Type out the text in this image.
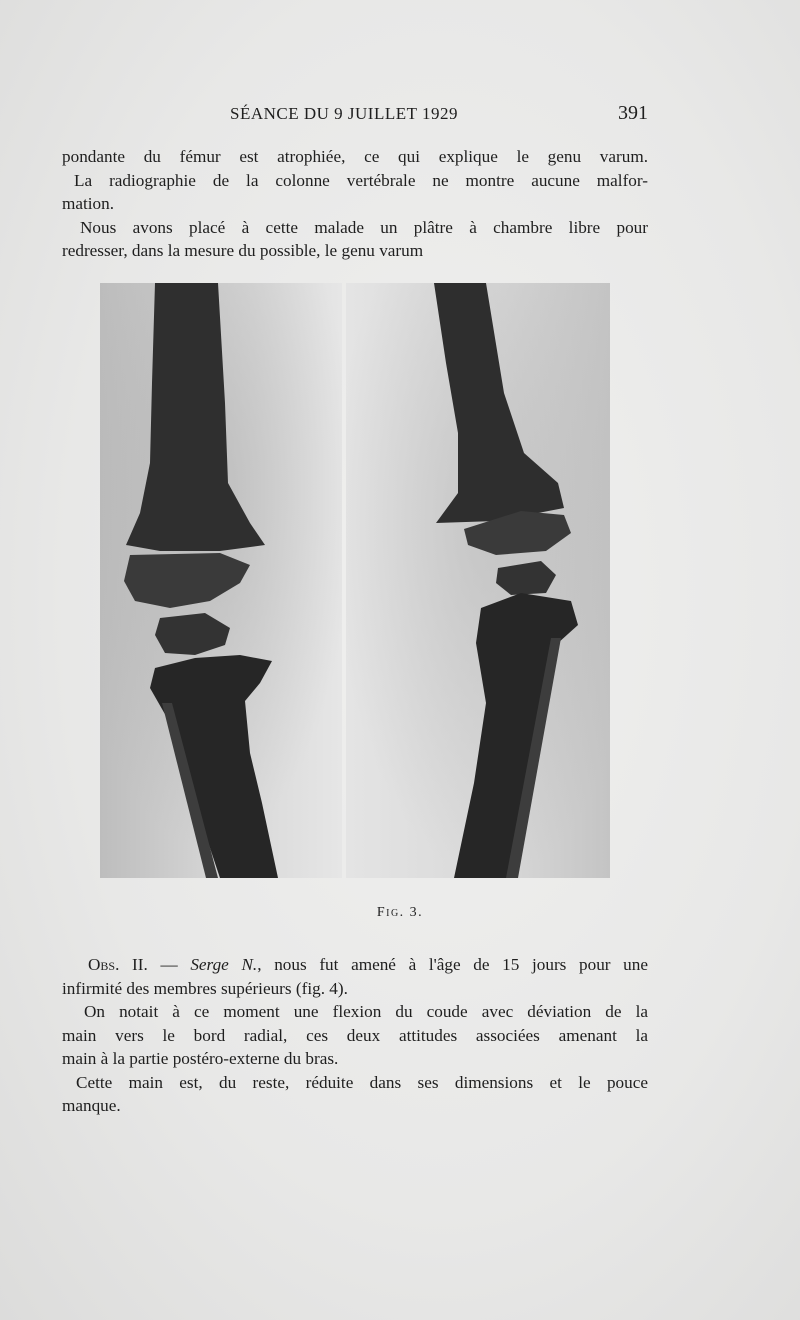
SÉANCE DU 9 JUILLET 1929	391
pondante du fémur est atrophiée, ce qui explique le genu varum.
La radiographie de la colonne vertébrale ne montre aucune malfor-
mation.
Nous avons placé à cette malade un plâtre à chambre libre pour
redresser, dans la mesure du possible, le genu varum
Fig. 3.
Obs. II. — Serge N., nous fut amené à l'âge de 15 jours pour une
infirmité des membres supérieurs (fig. 4).
On notait à ce moment une flexion du coude avec déviation de la
main vers le bord radial, ces deux attitudes associées amenant la
main à la partie postéro-externe du bras.
Cette main est, du reste, réduite dans ses dimensions et le pouce
manque.
